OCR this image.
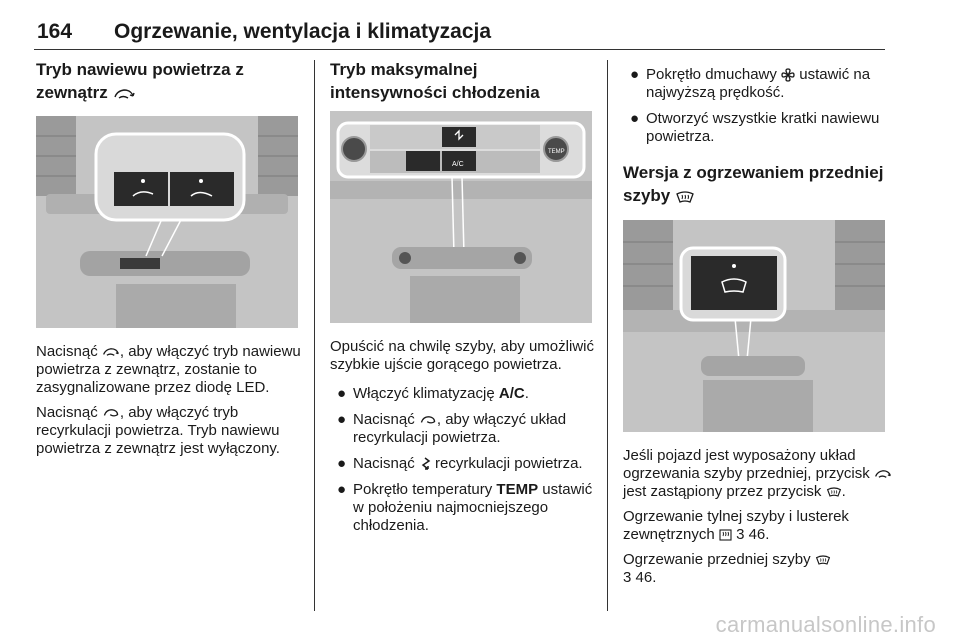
164 Ogrzewanie, wentylacja i klimatyzacja
Tryb nawiewu powietrza z zewnątrz

Nacisnąć , aby włączyć tryb nawiewu powietrza z zewnątrz, zostanie to zasygnalizowane przez diodę LED.

Nacisnąć , aby włączyć tryb recyrkulacji powietrza. Tryb nawiewu powietrza z zewnątrz jest wyłączony.

Tryb maksymalnej intensywności chłodzenia
TEMP
A/C

Opuścić na chwilę szyby, aby umożliwić szybkie ujście gorącego powietrza.

● Włączyć klimatyzację A/C.
● Nacisnąć , aby włączyć układ recyrkulacji powietrza.
● Nacisnąć recyrkulacji powietrza.
● Pokrętło temperatury TEMP ustawić w położeniu najmocniejszego chłodzenia.
● Pokrętło dmuchawy ustawić na najwyższą prędkość.
● Otworzyć wszystkie kratki nawiewu powietrza.
Wersja z ogrzewaniem przedniej szyby

Jeśli pojazd jest wyposażony układ ogrzewania szyby przedniej, przycisk  jest zastąpiony przez przycisk .

Ogrzewanie tylnej szyby i lusterek zewnętrznych 3 46.

Ogrzewanie przedniej szyby
3 46.

carmanualsonline.info
